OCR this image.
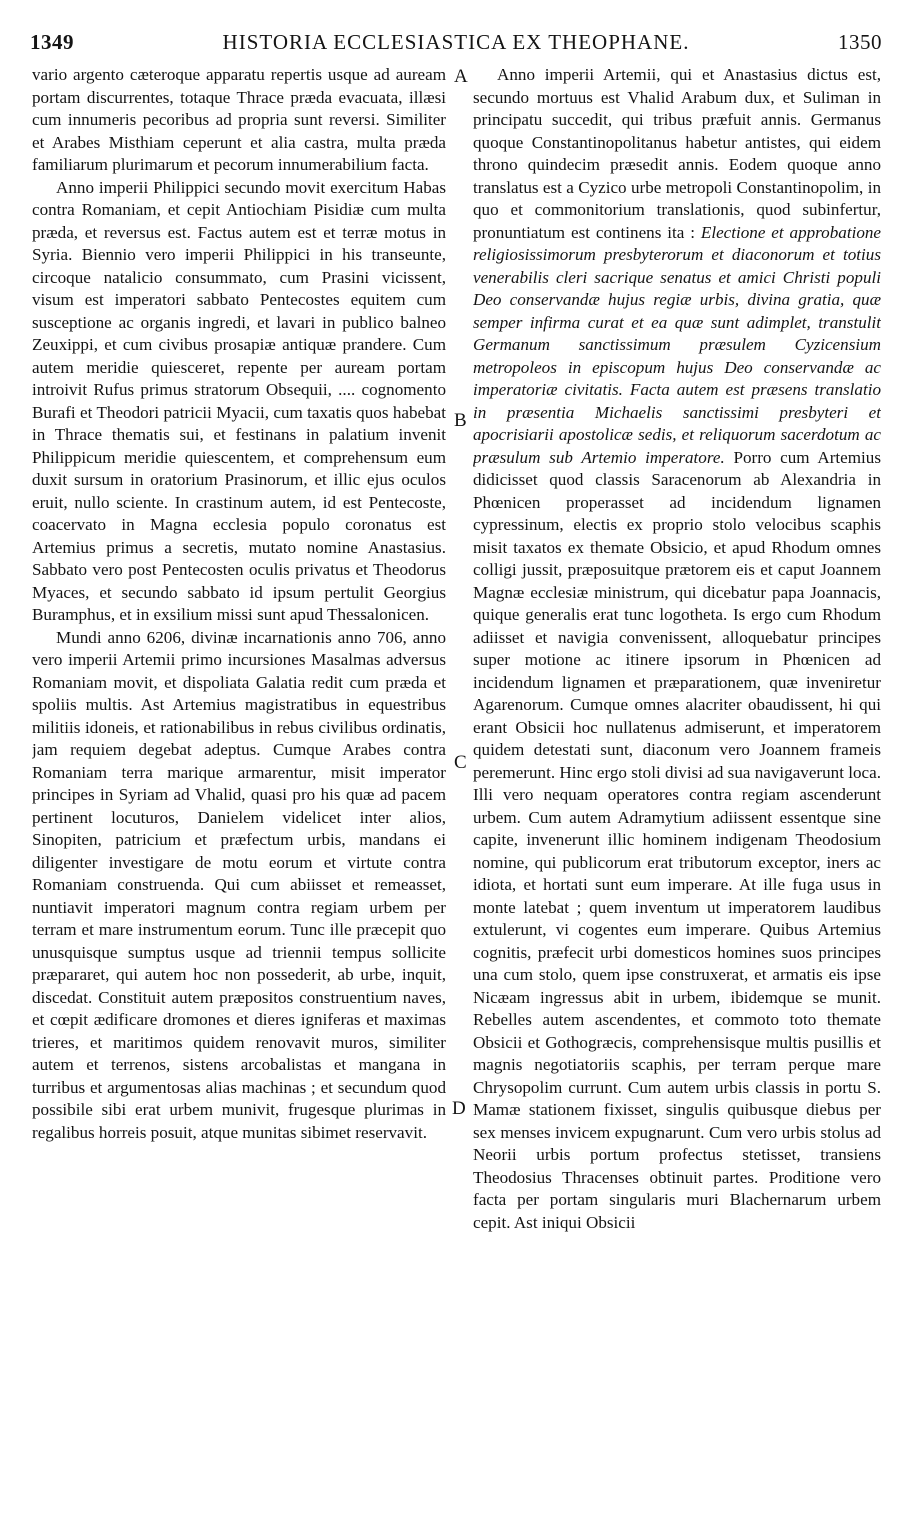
1349	HISTORIA ECCLESIASTICA EX THEOPHANE.	1350

vario argento cæteroque apparatu repertis usque ad auream portam discurrentes, totaque Thrace præda evacuata, illæsi cum innumeris pecoribus ad propria sunt reversi. Similiter et Arabes Misthiam ceperunt et alia castra, multa præda familiarum plurimarum et pecorum innumerabilium facta.

Anno imperii Philippici secundo movit exercitum Habas contra Romaniam, et cepit Antiochiam Pisidiæ cum multa præda, et reversus est. Factus autem est et terræ motus in Syria. Biennio vero imperii Philippici in his transeunte, circoque natalicio consummato, cum Prasini vicissent, visum est imperatori sabbato Pentecostes equitem cum susceptione ac organis ingredi, et lavari in publico balneo Zeuxippi, et cum civibus prosapiæ antiquæ prandere. Cum autem meridie quiesceret, repente per auream portam introivit Rufus primus stratorum Obsequii, .... cognomento Burafi et Theodori patricii Myacii, cum taxatis quos habebat in Thrace thematis sui, et festinans in palatium invenit Philippicum meridie quiescentem, et comprehensum eum duxit sursum in oratorium Prasinorum, et illic ejus oculos eruit, nullo sciente. In crastinum autem, id est Pentecoste, coacervato in Magna ecclesia populo coronatus est Artemius primus a secretis, mutato nomine Anastasius. Sabbato vero post Pentecosten oculis privatus et Theodorus Myaces, et secundo sabbato id ipsum pertulit Georgius Buramphus, et in exsilium missi sunt apud Thessalonicen.

Mundi anno 6206, divinæ incarnationis anno 706, anno vero imperii Artemii primo incursiones Masalmas adversus Romaniam movit, et dispoliata Galatia redit cum præda et spoliis multis. Ast Artemius magistratibus in equestribus militiis idoneis, et rationabilibus in rebus civilibus ordinatis, jam requiem degebat adeptus. Cumque Arabes contra Romaniam terra marique armarentur, misit imperator principes in Syriam ad Vhalid, quasi pro his quæ ad pacem pertinent locuturos, Danielem videlicet inter alios, Sinopiten, patricium et præfectum urbis, mandans ei diligenter investigare de motu eorum et virtute contra Romaniam construenda. Qui cum abiisset et remeasset, nuntiavit imperatori magnum contra regiam urbem per terram et mare instrumentum eorum. Tunc ille præcepit quo unusquisque sumptus usque ad triennii tempus sollicite præpararet, qui autem hoc non possederit, ab urbe, inquit, discedat. Constituit autem præpositos construentium naves, et cœpit ædificare dromones et dieres igniferas et maximas trieres, et maritimos quidem renovavit muros, similiter autem et terrenos, sistens arcobalistas et mangana in turribus et argumentosas alias machinas ; et secundum quod possibile sibi erat urbem munivit, frugesque plurimas in regalibus horreis posuit, atque munitas sibimet reservavit.

Anno imperii Artemii, qui et Anastasius dictus est, secundo mortuus est Vhalid Arabum dux, et Suliman in principatu succedit, qui tribus præfuit annis. Germanus quoque Constantinopolitanus habetur antistes, qui eidem throno quindecim præsedit annis. Eodem quoque anno translatus est a Cyzico urbe metropoli Constantinopolim, in quo et commonitorium translationis, quod subinfertur, pronuntiatum est continens ita : Electione et approbatione religiosissimorum presbyterorum et diaconorum et totius venerabilis cleri sacrique senatus et amici Christi populi Deo conservandæ hujus regiæ urbis, divina gratia, quæ semper infirma curat et ea quæ sunt adimplet, transtulit Germanum sanctissimum præsulem Cyzicensium metropoleos in episcopum hujus Deo conservandæ ac imperatoriæ civitatis. Facta autem est præsens translatio in præsentia Michaelis sanctissimi presbyteri et apocrisiarii apostolicæ sedis, et reliquorum sacerdotum ac præsulum sub Artemio imperatore. Porro cum Artemius didicisset quod classis Saracenorum ab Alexandria in Phœnicen properasset ad incidendum lignamen cypressinum, electis ex proprio stolo velocibus scaphis misit taxatos ex themate Obsicio, et apud Rhodum omnes colligi jussit, præposuitque prætorem eis et caput Joannem Magnæ ecclesiæ ministrum, qui dicebatur papa Joannacis, quique generalis erat tunc logotheta. Is ergo cum Rhodum adiisset et navigia convenissent, alloquebatur principes super motione ac itinere ipsorum in Phœnicen ad incidendum lignamen et præparationem, quæ inveniretur Agarenorum. Cumque omnes alacriter obaudissent, hi qui erant Obsicii hoc nullatenus admiserunt, et imperatorem quidem detestati sunt, diaconum vero Joannem frameis peremerunt. Hinc ergo stoli divisi ad sua navigaverunt loca. Illi vero nequam operatores contra regiam ascenderunt urbem. Cum autem Adramytium adiissent essentque sine capite, invenerunt illic hominem indigenam Theodosium nomine, qui publicorum erat tributorum exceptor, iners ac idiota, et hortati sunt eum imperare. At ille fuga usus in monte latebat ; quem inventum ut imperatorem laudibus extulerunt, vi cogentes eum imperare. Quibus Artemius cognitis, præfecit urbi domesticos homines suos principes una cum stolo, quem ipse construxerat, et armatis eis ipse Nicæam ingressus abit in urbem, ibidemque se munit. Rebelles autem ascendentes, et commoto toto themate Obsicii et Gothogræcis, comprehensisque multis pusillis et magnis negotiatoriis scaphis, per terram perque mare Chrysopolim currunt. Cum autem urbis classis in portu S. Mamæ stationem fixisset, singulis quibusque diebus per sex menses invicem expugnarunt. Cum vero urbis stolus ad Neorii urbis portum profectus stetisset, transiens Theodosius Thracenses obtinuit partes. Proditione vero facta per portam singularis muri Blachernarum urbem cepit. Ast iniqui Obsicii

A
B
C
D
